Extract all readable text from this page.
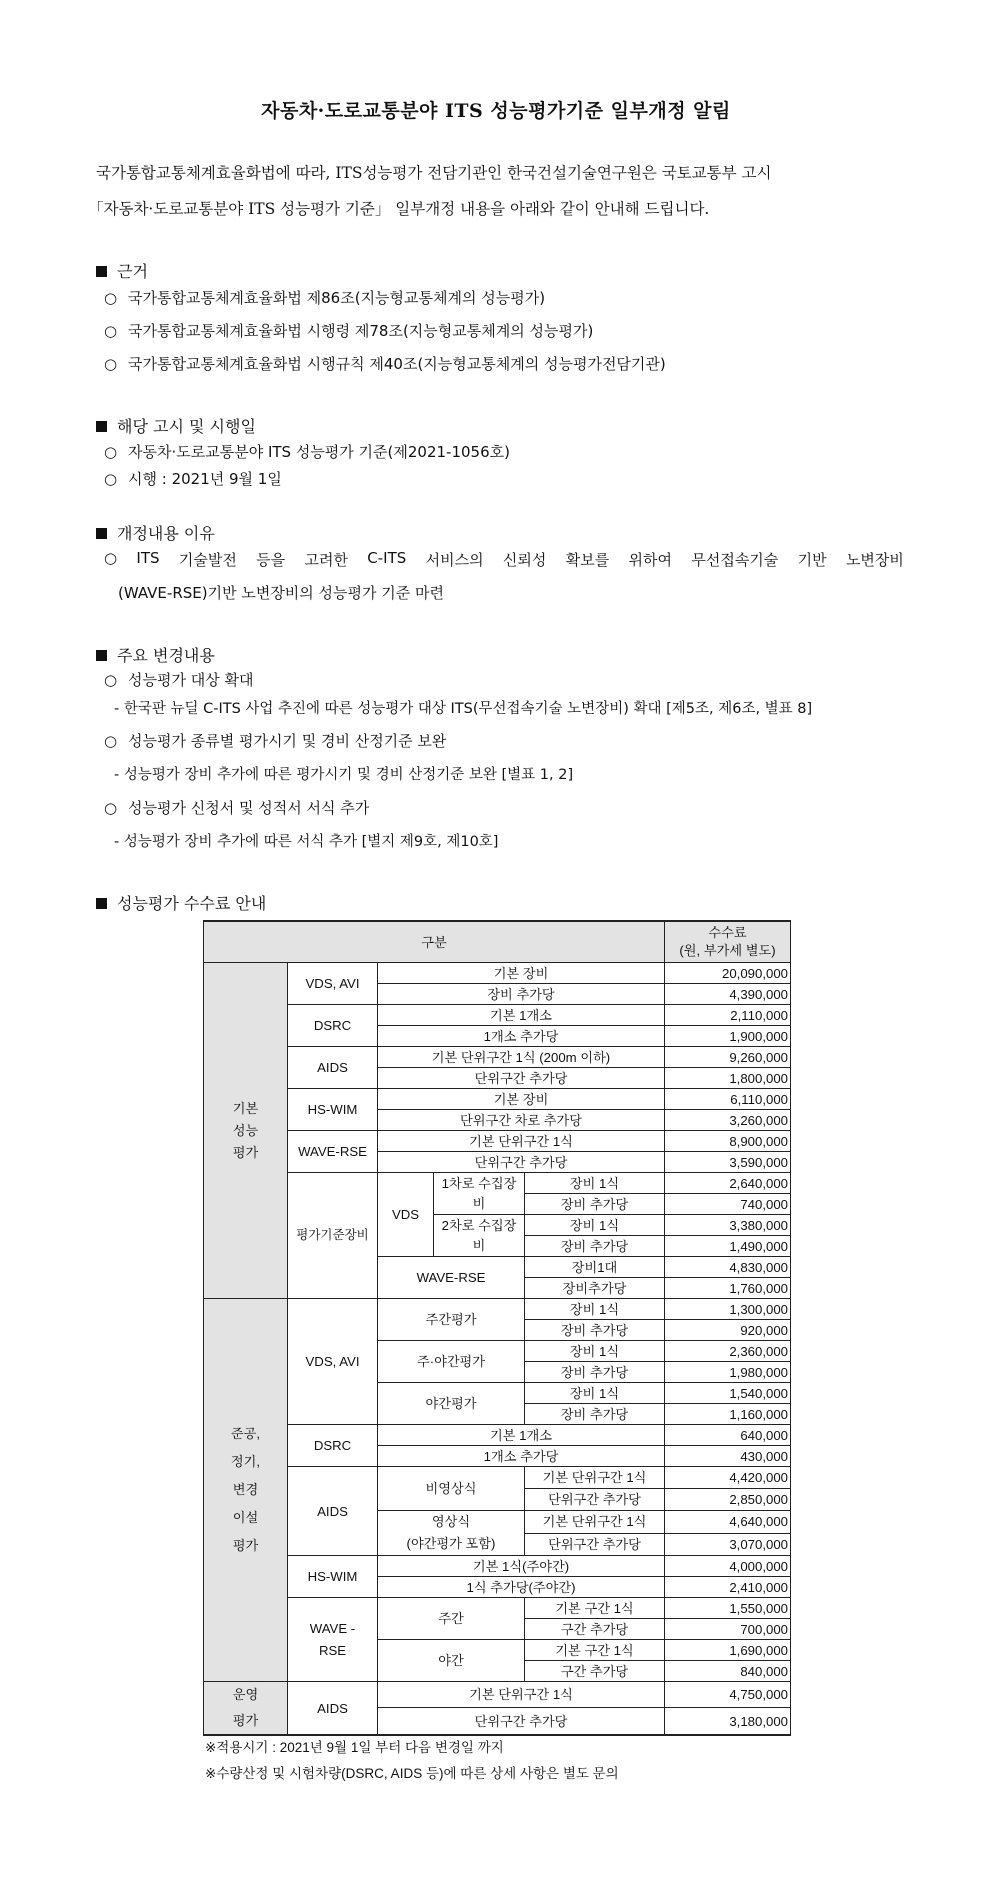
자동차·도로교통분야 ITS 성능평가기준 일부개정 알림

국가통합교통체계효율화법에 따라, ITS성능평가 전담기관인 한국건설기술연구원은 국토교통부 고시

「자동차·도로교통분야 ITS 성능평가 기준」 일부개정 내용을 아래와 같이 안내해 드립니다.

근거
○ 국가통합교통체계효율화법 제86조(지능형교통체계의 성능평가)
○ 국가통합교통체계효율화법 시행령 제78조(지능형교통체계의 성능평가)
○ 국가통합교통체계효율화법 시행규칙 제40조(지능형교통체계의 성능평가전담기관)
해당 고시 및 시행일
○ 자동차·도로교통분야 ITS 성능평가 기준(제2021-1056호)
○ 시행 : 2021년 9월 1일
개정내용 이유
○ ITS 기술발전 등을 고려한 C-ITS 서비스의 신뢰성 확보를 위하여 무선접속기술 기반 노변장비
(WAVE-RSE)기반 노변장비의 성능평가 기준 마련
주요 변경내용
○ 성능평가 대상 확대
- 한국판 뉴딜 C-ITS 사업 추진에 따른 성능평가 대상 ITS(무선접속기술 노변장비) 확대 [제5조, 제6조, 별표 8]
○ 성능평가 종류별 평가시기 및 경비 산정기준 보완
- 성능평가 장비 추가에 따른 평가시기 및 경비 산정기준 보완 [별표 1, 2]
○ 성능평가 신청서 및 성적서 서식 추가
- 성능평가 장비 추가에 따른 서식 추가 [별지 제9호, 제10호]
성능평가 수수료 안내
구분					수수료
(원, 부가세 별도)

기본 성능 평가	VDS, AVI	기본 장비			20,090,000
		장비 추가당			4,390,000
	DSRC	기본 1개소			2,110,000
		1개소 추가당			1,900,000
	AIDS	기본 단위구간 1식 (200m 이하)			9,260,000
		단위구간 추가당			1,800,000
	HS-WIM	기본 장비			6,110,000
		단위구간 차로 추가당			3,260,000
	WAVE-RSE	기본 단위구간 1식			8,900,000
		단위구간 추가당			3,590,000
	평가기준장비	VDS	1차로 수집장비	장비 1식	2,640,000
				장비 추가당	740,000
			2차로 수집장비	장비 1식	3,380,000
				장비 추가당	1,490,000
		WAVE-RSE		장비1대	4,830,000
				장비추가당	1,760,000
준공, 정기, 변경 이설 평가	VDS, AVI	주간평가		장비 1식	1,300,000
				장비 추가당	920,000
		주·야간평가		장비 1식	2,360,000
				장비 추가당	1,980,000
		야간평가		장비 1식	1,540,000
				장비 추가당	1,160,000
	DSRC	기본 1개소			640,000
		1개소 추가당			430,000
	AIDS	비영상식		기본 단위구간 1식	4,420,000
				단위구간 추가당	2,850,000

		영상식
(야간평가 포함)		기본 단위구간 1식	4,640,000
				단위구간 추가당	3,070,000
	HS-WIM	기본 1식(주야간)			4,000,000
		1식 추가당(주야간)			2,410,000
	WAVE -RSE	주간		기본 구간 1식	1,550,000
				구간 추가당	700,000
		야간		기본 구간 1식	1,690,000
				구간 추가당	840,000
운영 평가	AIDS	기본 단위구간 1식			4,750,000
		단위구간 추가당			3,180,000
※적용시기 : 2021년 9월 1일 부터 다음 변경일 까지
※수량산정 및 시험차량(DSRC, AIDS 등)에 따른 상세 사항은 별도 문의
